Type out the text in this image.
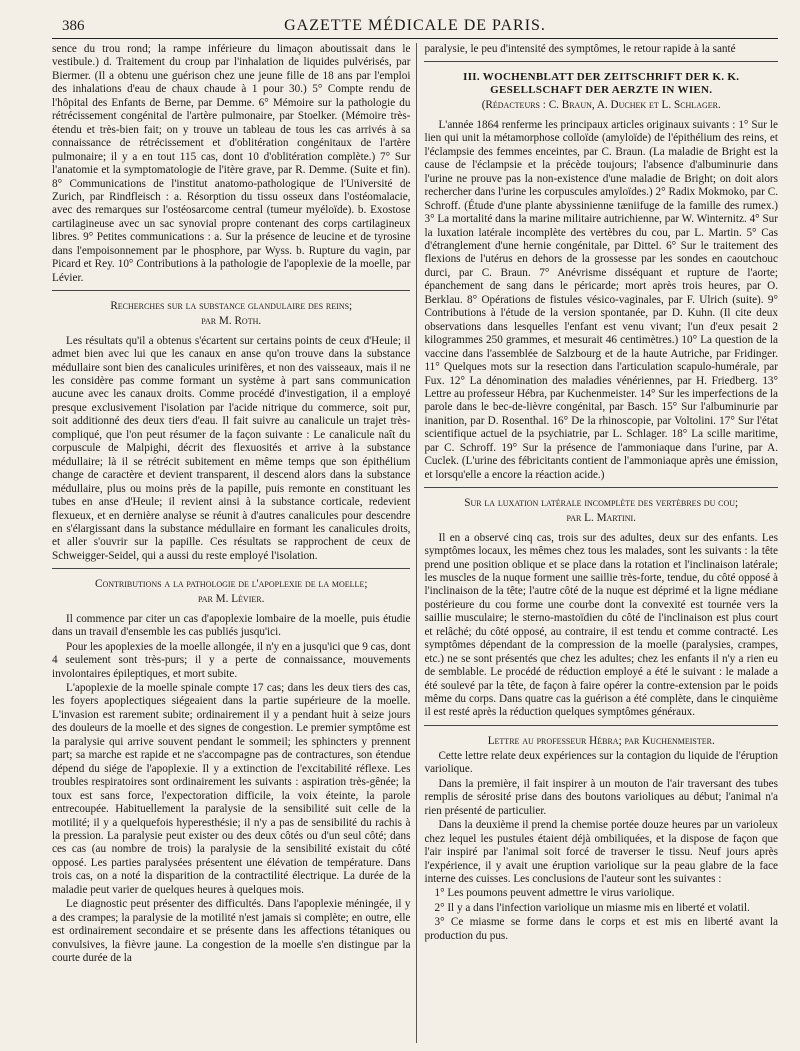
386	GAZETTE MÉDICALE DE PARIS.

sence du trou rond; la rampe inférieure du limaçon aboutissait dans le vestibule.) d. Traitement du croup par l'inhalation de liquides pulvérisés, par Biermer. (Il a obtenu une guérison chez une jeune fille de 18 ans par l'emploi des inhalations d'eau de chaux chaude à 1 pour 30.) 5° Compte rendu de l'hôpital des Enfants de Berne, par Demme. 6° Mémoire sur la pathologie du rétrécissement congénital de l'artère pulmonaire, par Stoelker. (Mémoire très-étendu et très-bien fait; on y trouve un tableau de tous les cas arrivés à sa connaissance de rétrécissement et d'oblitération congénitaux de l'artère pulmonaire; il y a en tout 115 cas, dont 10 d'oblitération complète.) 7° Sur l'anatomie et la symptomatologie de l'itère grave, par R. Demme. (Suite et fin). 8° Communications de l'institut anatomo-pathologique de l'Université de Zurich, par Rindfleisch : a. Résorption du tissu osseux dans l'ostéomalacie, avec des remarques sur l'ostéosarcome central (tumeur myéloïde). b. Exostose cartilagineuse avec un sac synovial propre contenant des corps cartilagineux libres. 9° Petites communications : a. Sur la présence de leucine et de tyrosine dans l'empoisonnement par le phosphore, par Wyss. b. Rupture du vagin, par Picard et Rey. 10° Contributions à la pathologie de l'apoplexie de la moelle, par Lévier.

Recherches sur la substance glandulaire des reins;
par M. Roth.

Les résultats qu'il a obtenus s'écartent sur certains points de ceux d'Heule; il admet bien avec lui que les canaux en anse qu'on trouve dans la substance médullaire sont bien des canalicules urinifères, et non des vaisseaux, mais il ne les considère pas comme formant un système à part sans communication aucune avec les canaux droits. Comme procédé d'investigation, il a employé presque exclusivement l'isolation par l'acide nitrique du commerce, soit pur, soit additionné des deux tiers d'eau. Il fait suivre au canalicule un trajet très-compliqué, que l'on peut résumer de la façon suivante : Le canalicule naît du corpuscule de Malpighi, décrit des flexuosités et arrive à la substance médullaire; là il se rétrécit subitement en même temps que son épithélium change de caractère et devient transparent, il descend alors dans la substance médullaire, plus ou moins près de la papille, puis remonte en constituant les tubes en anse d'Heule; il revient ainsi à la substance corticale, redevient flexueux, et en dernière analyse se réunit à d'autres canalicules pour descendre en s'élargissant dans la substance médullaire en formant les canalicules droits, et aller s'ouvrir sur la papille. Ces résultats se rapprochent de ceux de Schweigger-Seidel, qui a aussi du reste employé l'isolation.

Contributions a la pathologie de l'apoplexie de la moelle;
par M. Lévier.

Il commence par citer un cas d'apoplexie lombaire de la moelle, puis étudie dans un travail d'ensemble les cas publiés jusqu'ici.

Pour les apoplexies de la moelle allongée, il n'y en a jusqu'ici que 9 cas, dont 4 seulement sont très-purs; il y a perte de connaissance, mouvements involontaires épileptiques, et mort subite.

L'apoplexie de la moelle spinale compte 17 cas; dans les deux tiers des cas, les foyers apoplectiques siégeaient dans la partie supérieure de la moelle. L'invasion est rarement subite; ordinairement il y a pendant huit à seize jours des douleurs de la moelle et des signes de congestion. Le premier symptôme est la paralysie qui arrive souvent pendant le sommeil; les sphincters y prennent part; sa marche est rapide et ne s'accompagne pas de contractures, son étendue dépend du siége de l'apoplexie. Il y a extinction de l'excitabilité réflexe. Les troubles respiratoires sont ordinairement les suivants : aspiration très-gênée; la toux est sans force, l'expectoration difficile, la voix éteinte, la parole entrecoupée. Habituellement la paralysie de la sensibilité suit celle de la motilité; il y a quelquefois hyperesthésie; il n'y a pas de sensibilité du rachis à la pression. La paralysie peut exister ou des deux côtés ou d'un seul côté; dans ces cas (au nombre de trois) la paralysie de la sensibilité existait du côté opposé. Les parties paralysées présentent une élévation de température. Dans trois cas, on a noté la disparition de la contractilité électrique. La durée de la maladie peut varier de quelques heures à quelques mois.

Le diagnostic peut présenter des difficultés. Dans l'apoplexie méningée, il y a des crampes; la paralysie de la motilité n'est jamais si complète; en outre, elle est ordinairement secondaire et se présente dans les affections tétaniques ou convulsives, la fièvre jaune. La congestion de la moelle s'en distingue par la courte durée de la

paralysie, le peu d'intensité des symptômes, le retour rapide à la santé

III. WOCHENBLATT DER ZEITSCHRIFT DER K. K. GESELLSCHAFT DER AERZTE IN WIEN.
(Rédacteurs : C. Braun, A. Duchek et L. Schlager.

L'année 1864 renferme les principaux articles originaux suivants : 1° Sur le lien qui unit la métamorphose colloïde (amyloïde) de l'épithélium des reins, et l'éclampsie des femmes enceintes, par C. Braun. (La maladie de Bright est la cause de l'éclampsie et la précède toujours; l'absence d'albuminurie dans l'urine ne prouve pas la non-existence d'une maladie de Bright; on doit alors rechercher dans l'urine les corpuscules amyloïdes.) 2° Radix Mokmoko, par C. Schroff. (Étude d'une plante abyssinienne tæniifuge de la famille des rumex.) 3° La mortalité dans la marine militaire autrichienne, par W. Winternitz. 4° Sur la luxation latérale incomplète des vertèbres du cou, par L. Martin. 5° Cas d'étranglement d'une hernie congénitale, par Dittel. 6° Sur le traitement des flexions de l'utérus en dehors de la grossesse par les sondes en caoutchouc durci, par C. Braun. 7° Anévrisme disséquant et rupture de l'aorte; épanchement de sang dans le péricarde; mort après trois heures, par O. Berklau. 8° Opérations de fistules vésico-vaginales, par F. Ulrich (suite). 9° Contributions à l'étude de la version spontanée, par D. Kuhn. (Il cite deux observations dans lesquelles l'enfant est venu vivant; l'un d'eux pesait 2 kilogrammes 250 grammes, et mesurait 46 centimètres.) 10° La question de la vaccine dans l'assemblée de Salzbourg et de la haute Autriche, par Fridinger. 11° Quelques mots sur la resection dans l'articulation scapulo-humérale, par Fux. 12° La dénomination des maladies vénériennes, par H. Friedberg. 13° Lettre au professeur Hébra, par Kuchenmeister. 14° Sur les imperfections de la parole dans le bec-de-lièvre congénital, par Basch. 15° Sur l'albuminurie par inanition, par D. Rosenthal. 16° De la rhinoscopie, par Voltolini. 17° Sur l'état scientifique actuel de la psychiatrie, par L. Schlager. 18° La scille maritime, par C. Schroff. 19° Sur la présence de l'ammoniaque dans l'urine, par A. Cuclek. (L'urine des fébricitants contient de l'ammoniaque après une émission, et lorsqu'elle a encore la réaction acide.)

Sur la luxation latérale incomplète des vertèbres du cou;
par L. Martini.

Il en a observé cinq cas, trois sur des adultes, deux sur des enfants. Les symptômes locaux, les mêmes chez tous les malades, sont les suivants : la tête prend une position oblique et se place dans la rotation et l'inclinaison latérale; les muscles de la nuque forment une saillie très-forte, tendue, du côté opposé à l'inclinaison de la tête; l'autre côté de la nuque est déprimé et la ligne médiane postérieure du cou forme une courbe dont la convexité est tournée vers la saillie musculaire; le sterno-mastoïdien du côté de l'inclinaison est plus court et relâché; du côté opposé, au contraire, il est tendu et comme contracté. Les symptômes dépendant de la compression de la moelle (paralysies, crampes, etc.) ne se sont présentés que chez les adultes; chez les enfants il n'y a rien eu de semblable. Le procédé de réduction employé a été le suivant : le malade a été soulevé par la tête, de façon à faire opérer la contre-extension par le poids même du corps. Dans quatre cas la guérison a été complète, dans le cinquième il est resté après la réduction quelques symptômes généraux.

Lettre au professeur Hébra; par Kuchenmeister.

Cette lettre relate deux expériences sur la contagion du liquide de l'éruption variolique.

Dans la première, il fait inspirer à un mouton de l'air traversant des tubes remplis de sérosité prise dans des boutons varioliques au début; l'animal n'a rien présenté de particulier.

Dans la deuxième il prend la chemise portée douze heures par un varioleux chez lequel les pustules étaient déjà ombiliquées, et la dispose de façon que l'air inspiré par l'animal soit forcé de traverser le tissu. Neuf jours après l'expérience, il y avait une éruption variolique sur la peau glabre de la face interne des cuisses. Les conclusions de l'auteur sont les suivantes :

1° Les poumons peuvent admettre le virus variolique.

2° Il y a dans l'infection variolique un miasme mis en liberté et volatil.

3° Ce miasme se forme dans le corps et est mis en liberté avant la production du pus.
